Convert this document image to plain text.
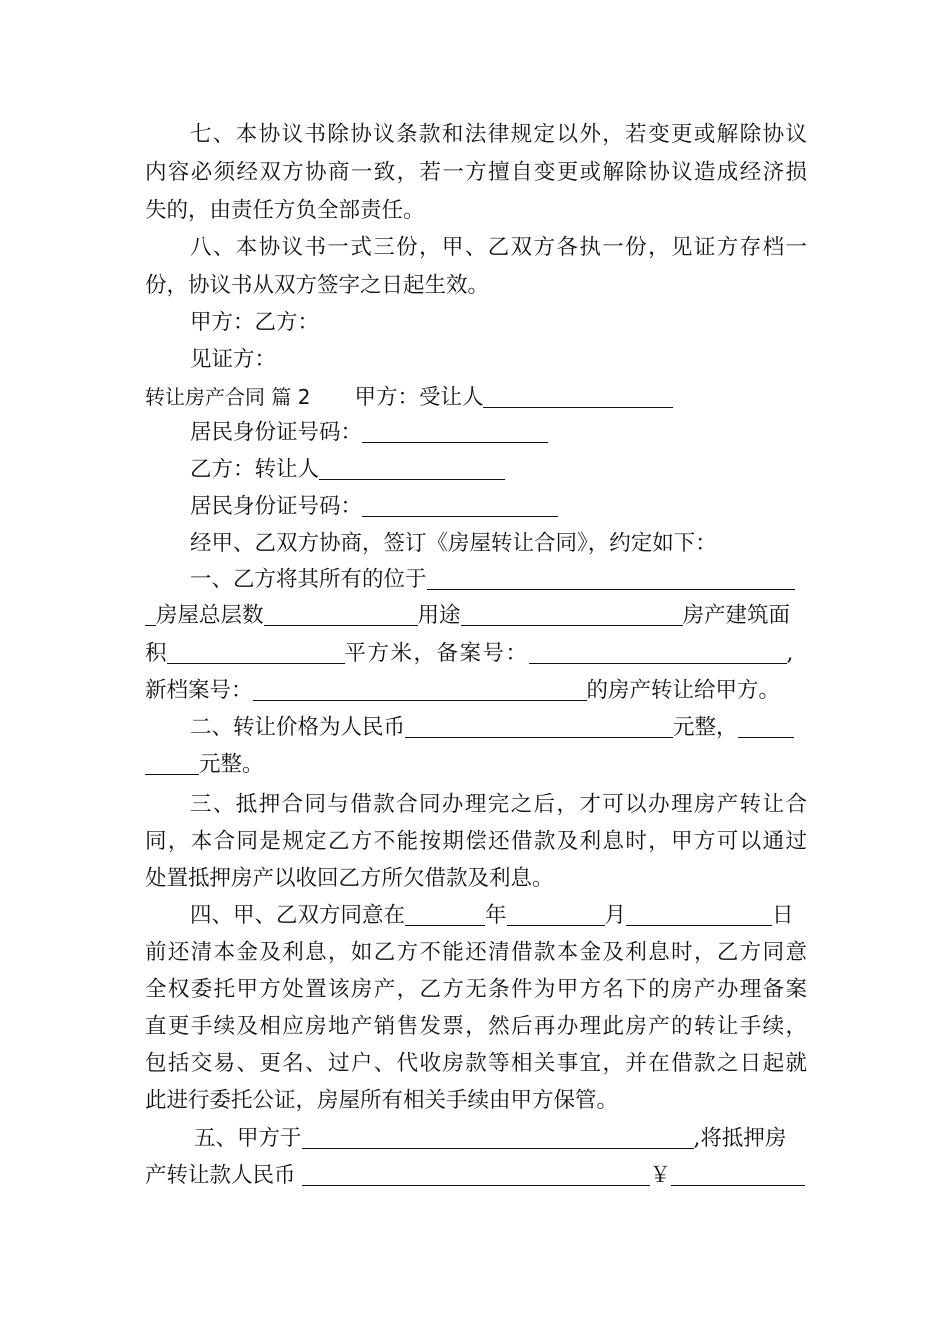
七、本协议书除协议条款和法律规定以外，若变更或解除协议
内容必须经双方协商一致，若一方擅自变更或解除协议造成经济损
失的，由责任方负全部责任。
八、本协议书一式三份，甲、乙双方各执一份，见证方存档一
份，协议书从双方签字之日起生效。
甲方：乙方：
见证方：
转让房产合同 篇 2 甲方：受让人
居民身份证号码：
乙方：转让人
居民身份证号码：
经甲、乙双方协商，签订《房屋转让合同》，约定如下：
一、乙方将其所有的位于
房屋总层数	用途	房产建筑面
积	平方米，备案号：	,
新档案号：	的房产转让给甲方。
二、转让价格为人民币	元整，
元整。
三、抵押合同与借款合同办理完之后，才可以办理房产转让合
同，本合同是规定乙方不能按期偿还借款及利息时，甲方可以通过
处置抵押房产以收回乙方所欠借款及利息。
四、甲、乙双方同意在	年	月	日
前还清本金及利息，如乙方不能还清借款本金及利息时，乙方同意
全权委托甲方处置该房产，乙方无条件为甲方名下的房产办理备案
直更手续及相应房地产销售发票，然后再办理此房产的转让手续，
包括交易、更名、过户、代收房款等相关事宜，并在借款之日起就
此进行委托公证，房屋所有相关手续由甲方保管。
五、甲方于	,将抵押房
产转让款人民币	￥
